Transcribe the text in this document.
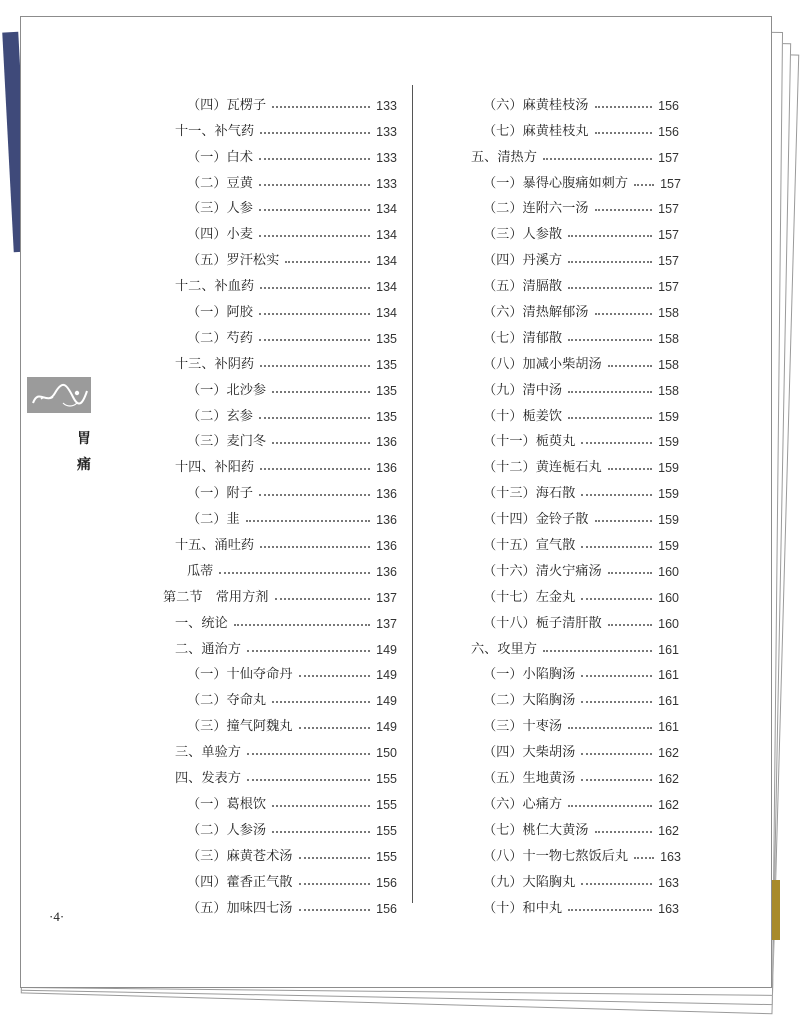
胃
痛
（四）瓦楞子	133
十一、补气药	133
（一）白术	133
（二）豆黄	133
（三）人参	134
（四）小麦	134
（五）罗汗松实	134
十二、补血药	134
（一）阿胶	134
（二）芍药	135
十三、补阴药	135
（一）北沙参	135
（二）玄参	135
（三）麦门冬	136
十四、补阳药	136
（一）附子	136
（二）韭	136
十五、涌吐药	136
瓜蒂	136
第二节　常用方剂	137
一、统论	137
二、通治方	149
（一）十仙夺命丹	149
（二）夺命丸	149
（三）撞气阿魏丸	149
三、单验方	150
四、发表方	155
（一）葛根饮	155
（二）人参汤	155
（三）麻黄苍术汤	155
（四）藿香正气散	156
（五）加味四七汤	156
（六）麻黄桂枝汤	156
（七）麻黄桂枝丸	156
五、清热方	157
（一）暴得心腹痛如刺方	157
（二）连附六一汤	157
（三）人参散	157
（四）丹溪方	157
（五）清膈散	157
（六）清热解郁汤	158
（七）清郁散	158
（八）加减小柴胡汤	158
（九）清中汤	158
（十）栀姜饮	159
（十一）栀萸丸	159
（十二）黄连栀石丸	159
（十三）海石散	159
（十四）金铃子散	159
（十五）宣气散	159
（十六）清火宁痛汤	160
（十七）左金丸	160
（十八）栀子清肝散	160
六、攻里方	161
（一）小陷胸汤	161
（二）大陷胸汤	161
（三）十枣汤	161
（四）大柴胡汤	162
（五）生地黄汤	162
（六）心痛方	162
（七）桃仁大黄汤	162
（八）十一物七熬饭后丸	163
（九）大陷胸丸	163
（十）和中丸	163
·4·
